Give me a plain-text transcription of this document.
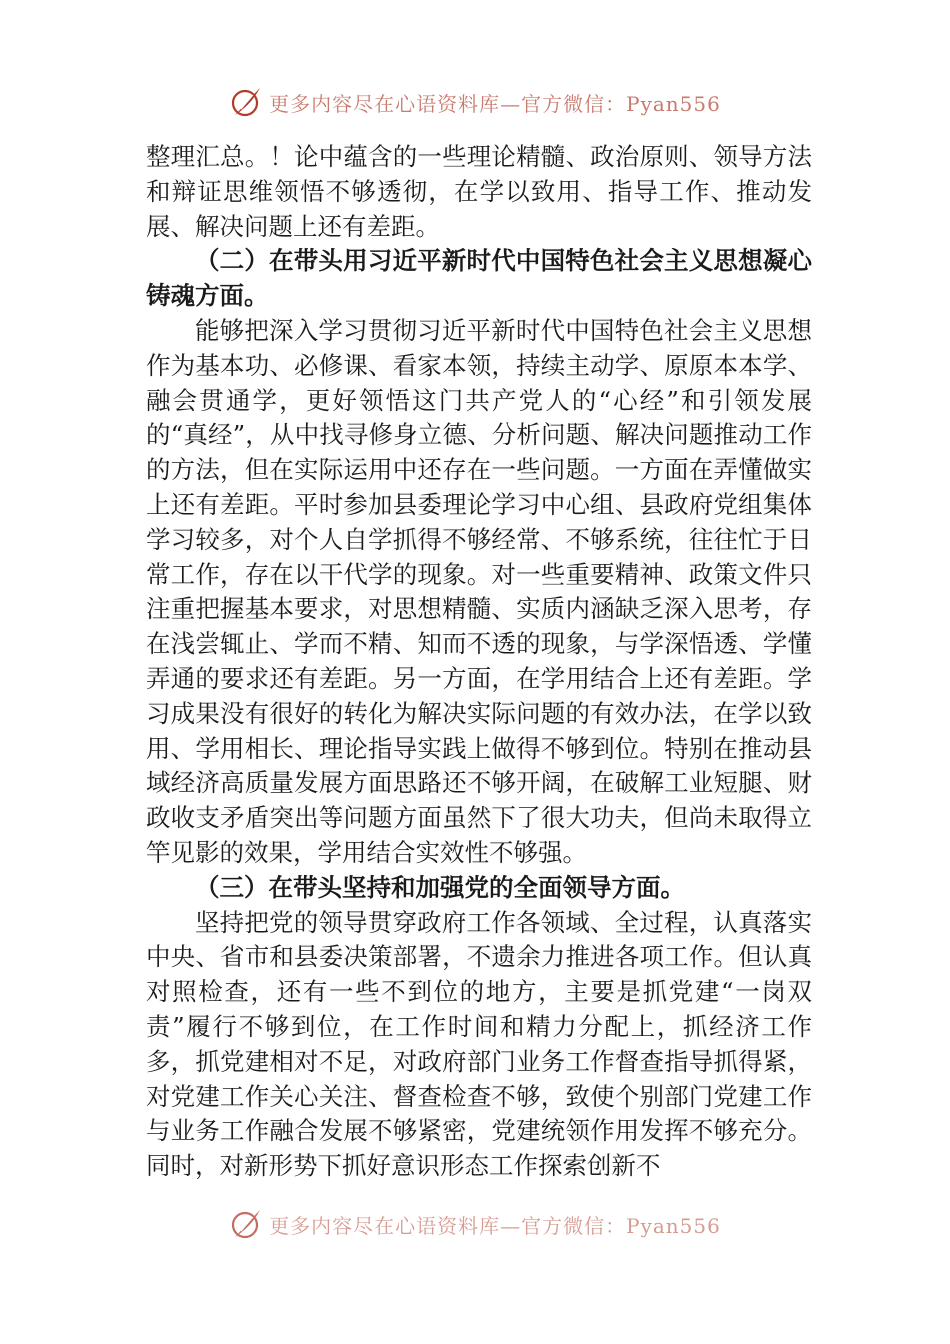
更多内容尽在心语资料库—官方微信：Pyan556

整理汇总。！论中蕴含的一些理论精髓、政治原则、领导方法和辩证思维领悟不够透彻，在学以致用、指导工作、推动发展、解决问题上还有差距。

（二）在带头用习近平新时代中国特色社会主义思想凝心铸魂方面。

能够把深入学习贯彻习近平新时代中国特色社会主义思想作为基本功、必修课、看家本领，持续主动学、原原本本学、融会贯通学，更好领悟这门共产党人的“心经”和引领发展的“真经”，从中找寻修身立德、分析问题、解决问题推动工作的方法，但在实际运用中还存在一些问题。一方面在弄懂做实上还有差距。平时参加县委理论学习中心组、县政府党组集体学习较多，对个人自学抓得不够经常、不够系统，往往忙于日常工作，存在以干代学的现象。对一些重要精神、政策文件只注重把握基本要求，对思想精髓、实质内涵缺乏深入思考，存在浅尝辄止、学而不精、知而不透的现象，与学深悟透、学懂弄通的要求还有差距。另一方面，在学用结合上还有差距。学习成果没有很好的转化为解决实际问题的有效办法，在学以致用、学用相长、理论指导实践上做得不够到位。特别在推动县域经济高质量发展方面思路还不够开阔，在破解工业短腿、财政收支矛盾突出等问题方面虽然下了很大功夫，但尚未取得立竿见影的效果，学用结合实效性不够强。

（三）在带头坚持和加强党的全面领导方面。

坚持把党的领导贯穿政府工作各领域、全过程，认真落实中央、省市和县委决策部署，不遗余力推进各项工作。但认真对照检查，还有一些不到位的地方，主要是抓党建“一岗双责”履行不够到位，在工作时间和精力分配上，抓经济工作多，抓党建相对不足，对政府部门业务工作督查指导抓得紧，对党建工作关心关注、督查检查不够，致使个别部门党建工作与业务工作融合发展不够紧密，党建统领作用发挥不够充分。同时，对新形势下抓好意识形态工作探索创新不

更多内容尽在心语资料库—官方微信：Pyan556
